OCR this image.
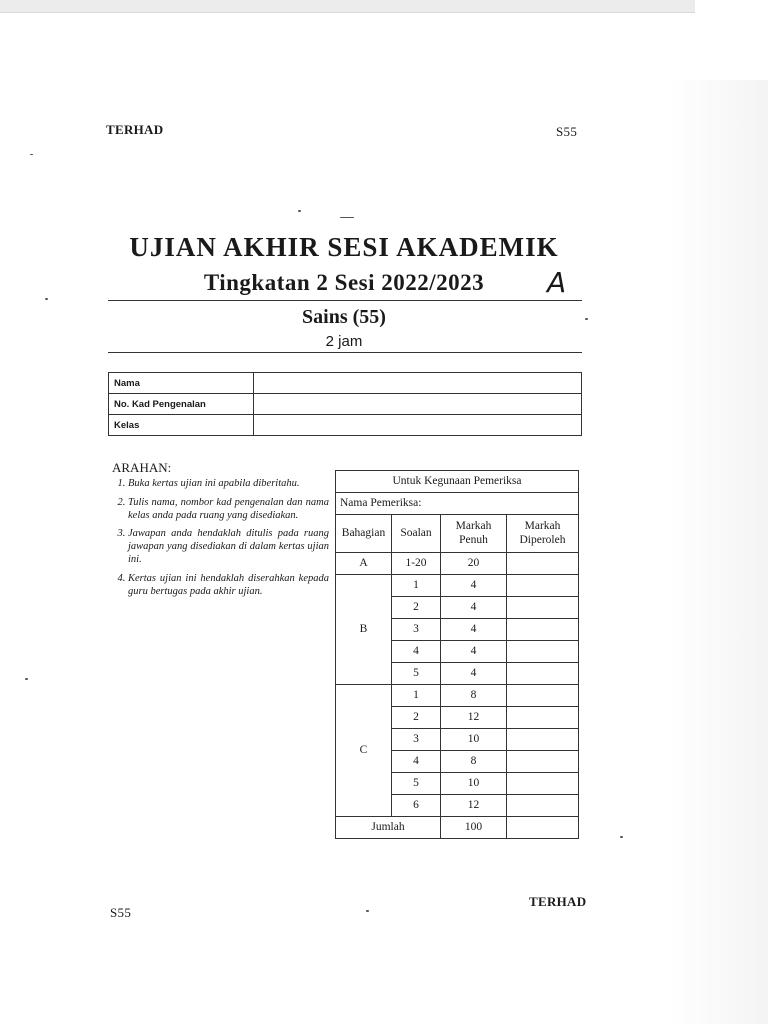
TERHAD	S55
UJIAN AKHIR SESI AKADEMIK
Tingkatan 2 Sesi 2022/2023	A
Sains (55)
2 jam
Nama	
No. Kad Pengenalan	
Kelas	
ARAHAN:
1. Buka kertas ujian ini apabila diberitahu.
2. Tulis nama, nombor kad pengenalan dan nama kelas anda pada ruang yang disediakan.
3. Jawapan anda hendaklah ditulis pada ruang jawapan yang disediakan di dalam kertas ujian ini.
4. Kertas ujian ini hendaklah diserahkan kepada guru bertugas pada akhir ujian.
Untuk Kegunaan Pemeriksa			
Nama Pemeriksa:			
Bahagian	Soalan	Markah Penuh	Markah Diperoleh
A	1-20	20	
B	1	4	
	2	4	
	3	4	
	4	4	
	5	4	
C	1	8	
	2	12	
	3	10	
	4	8	
	5	10	
	6	12	
Jumlah		100	
TERHAD
S55
